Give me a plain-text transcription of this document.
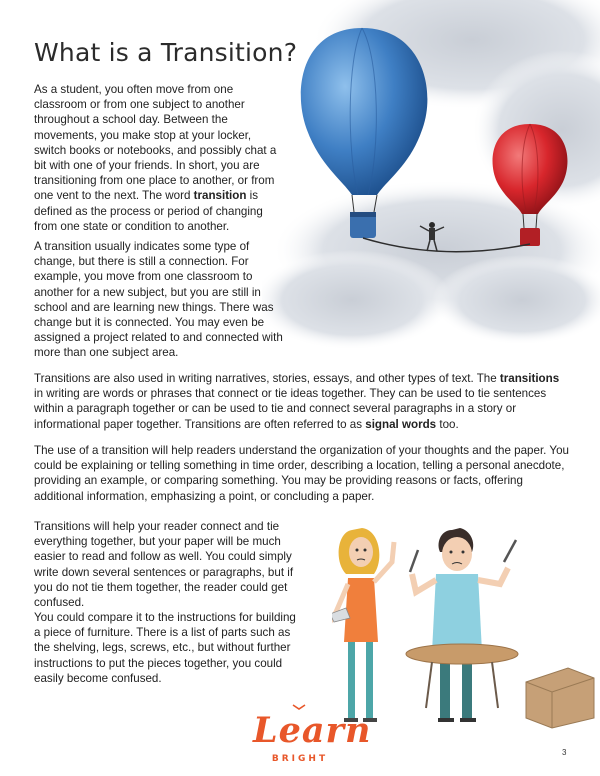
What is a Transition?

As a student, you often move from one classroom or from one subject to another throughout a school day. Between the movements, you make stop at your locker, switch books or notebooks, and possibly chat a bit with one of your friends. In short, you are transitioning from one place to another, or from one vent to the next. The word transition is defined as the process or period of changing from one state or condition to another.

A transition usually indicates some type of change, but there is still a connection. For example, you move from one classroom to another for a new subject, but you are still in school and are learning new things. There was change but it is connected. You may even be assigned a project related to and connected with more than one subject area.

Transitions are also used in writing narratives, stories, essays, and other types of text. The transitions in writing are words or phrases that connect or tie ideas together. They can be used to tie sentences within a paragraph together or can be used to tie and connect several paragraphs in a story or informational paper together. Transitions are often referred to as signal words too.

The use of a transition will help readers understand the organization of your thoughts and the paper. You could be explaining or telling something in time order, describing a location, telling a personal anecdote, providing an example, or comparing something. You may be providing reasons or facts, offering additional information, emphasizing a point, or concluding a paper.

Transitions will help your reader connect and tie everything together, but your paper will be much easier to read and follow as well. You could simply write down several sentences or paragraphs, but if you do not tie them together, the reader could get confused.

You could compare it to the instructions for building a piece of furniture. There is a list of parts such as the shelving, legs, screws, etc., but without further instructions to put the pieces together, you could easily become confused.

Learn
BRIGHT
3
